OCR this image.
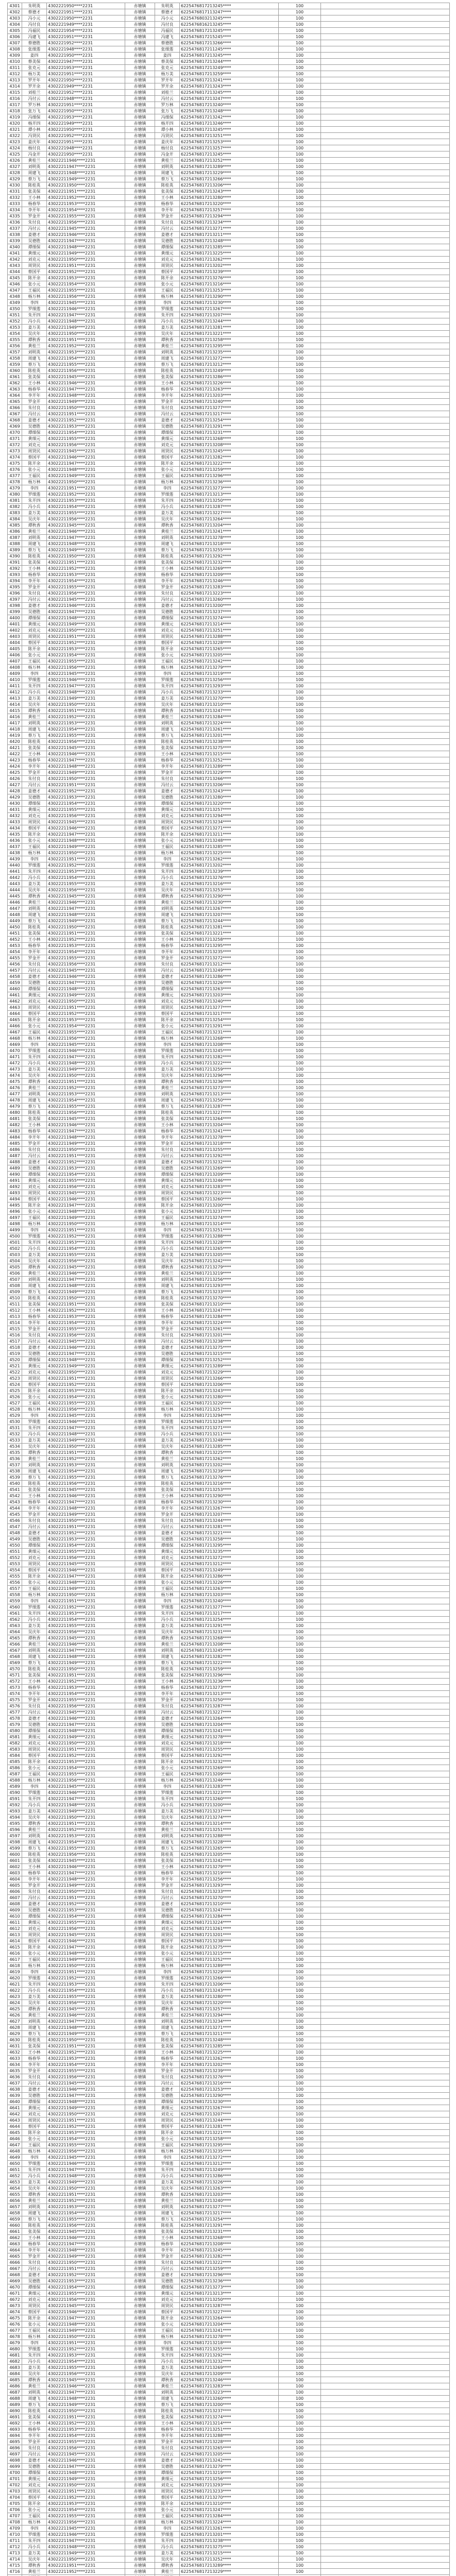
4301	朱明英	4302221950****2231	赤塘镇	朱明英	6225476817213245****	100	
4302	蔡德才	4302221951****2231	赤塘镇	蔡德才	6225476817113247****	100	
4303	冯小元	4302221950****2231	赤塘镇	冯小元	6225476803213245****	100	
4304	冯付良	4302221949****2231	赤塘镇	冯付良	6225476816213245****	100	
4305	冯福民	4302221954****2231	赤塘镇	冯福民	6225476817213245****	100	
4306	冯建飞	4302221951****2231	赤塘镇	冯建飞	6225476817215245****	100	
4307	蔡德胜	4302221952****2231	赤塘镇	蔡德胜	6225476817213266****	100	
4308	张细莲	4302221948****2231	赤塘镇	张细莲	6225476817211245****	100	
4309	姜四	4302221950****2231	赤塘镇	姜四	6225476817213245****	100	
4310	蔡美保	4302221947****2231	赤塘镇	蔡美保	6225476817213244****	100	
4311	张克元	4302221953****2231	赤塘镇	张克元	6225476817213249****	100	
4312	杨万美	4302221951****2231	赤塘镇	杨万美	6225476817213259****	100	
4313	罗开年	4302221950****2231	赤塘镇	罗开年	6225476817213241****	100	
4314	罗开余	4302221949****2231	赤塘镇	罗开余	6225476817213243****	100	
4315	刘桂兰	4302221952****2231	赤塘镇	刘桂兰	6225476817213245****	100	
4316	冯付云	4302221948****2231	赤塘镇	冯付云	6225476817213247****	100	
4317	罗万林	4302221951****2231	赤塘镇	罗万林	6225476817213240****	100	
4318	张万飞	4302221950****2231	赤塘镇	张万飞	6225476817213248****	100	
4319	冯细保	4302221953****2231	赤塘镇	冯细保	6225476817213242****	100	
4320	杨开四	4302221949****2231	赤塘镇	杨开四	6225476817213246****	100	
4321	谭小林	4302221950****2231	赤塘镇	谭小林	6225476817213245****	100	
4322	冯贤民	4302221952****2231	赤塘镇	冯贤民	6225476817213251****	100	
4323	姜庆年	4302221951****2231	赤塘镇	姜庆年	6225476817213253****	100	
4324	杨付良	4302221948****2231	赤塘镇	杨付良	6225476817213257****	100	
4325	冯金开	4302221950****2231	赤塘镇	冯金开	6225476817213245****	100	
4326	黄桂兰	43022211946****2231	赤塘镇	黄桂兰	6225476817213252****	100	
4327	刘明英	43022211947****2231	赤塘镇	刘明英	6225476817213289****	100	
4328	周建飞	43022211948****2231	赤塘镇	周建飞	6225476817213229****	100	
4329	蔡万飞	43022211949****2231	赤塘镇	蔡万飞	6225476817213266****	100	
4330	陈桂英	43022211950****2231	赤塘镇	陈桂英	6225476817213206****	100	
4331	张美保	43022211951****2231	赤塘镇	张美保	6225476817213243****	100	
4332	王小林	43022211952****2231	赤塘镇	王小林	6225476817213280****	100	
4333	杨春华	43022211953****2231	赤塘镇	杨春华	6225476817213220****	100	
4334	李开年	43022211954****2231	赤塘镇	李开年	6225476817213257****	100	
4335	罗金开	43022211955****2231	赤塘镇	罗金开	6225476817213294****	100	
4336	朱付良	43022211956****2231	赤塘镇	朱付良	6225476817213234****	100	
4337	冯付云	43022211945****2231	赤塘镇	冯付云	6225476817213271****	100	
4338	姜德才	43022211946****2231	赤塘镇	姜德才	6225476817213211****	100	
4339	吴德胜	43022211947****2231	赤塘镇	吴德胜	6225476817213248****	100	
4340	谭细保	43022211948****2231	赤塘镇	谭细保	6225476817213285****	100	
4341	黄细元	43022211949****2231	赤塘镇	黄细元	6225476817213225****	100	
4342	刘克元	43022211950****2231	赤塘镇	刘克元	6225476817213262****	100	
4343	周贤民	43022211951****2231	赤塘镇	周贤民	6225476817213202****	100	
4344	蔡国平	43022211952****2231	赤塘镇	蔡国平	6225476817213239****	100	
4345	陈开余	43022211953****2231	赤塘镇	陈开余	6225476817213276****	100	
4346	张小元	43022211954****2231	赤塘镇	张小元	6225476817213216****	100	
4347	王福民	43022211955****2231	赤塘镇	王福民	6225476817213253****	100	
4348	杨万林	43022211956****2231	赤塘镇	杨万林	6225476817213290****	100	
4349	李四	43022211945****2231	赤塘镇	李四	6225476817213230****	100	
4350	罗细莲	43022211946****2231	赤塘镇	罗细莲	6225476817213267****	100	
4351	朱开四	43022211947****2231	赤塘镇	朱开四	6225476817213207****	100	
4352	冯小兵	43022211948****2231	赤塘镇	冯小兵	6225476817213244****	100	
4353	姜万美	43022211949****2231	赤塘镇	姜万美	6225476817213281****	100	
4354	吴庆年	43022211950****2231	赤塘镇	吴庆年	6225476817213221****	100	
4355	谭秋香	43022211951****2231	赤塘镇	谭秋香	6225476817213258****	100	
4356	黄桂兰	43022211952****2231	赤塘镇	黄桂兰	6225476817213295****	100	
4357	刘明英	43022211953****2231	赤塘镇	刘明英	6225476817213235****	100	
4358	周建飞	43022211954****2231	赤塘镇	周建飞	6225476817213272****	100	
4359	蔡万飞	43022211955****2231	赤塘镇	蔡万飞	6225476817213212****	100	
4360	陈桂英	43022211956****2231	赤塘镇	陈桂英	6225476817213249****	100	
4361	张美保	43022211945****2231	赤塘镇	张美保	6225476817213286****	100	
4362	王小林	43022211946****2231	赤塘镇	王小林	6225476817213226****	100	
4363	杨春华	43022211947****2231	赤塘镇	杨春华	6225476817213263****	100	
4364	李开年	43022211948****2231	赤塘镇	李开年	6225476817213203****	100	
4365	罗金开	43022211949****2231	赤塘镇	罗金开	6225476817213240****	100	
4366	朱付良	43022211950****2231	赤塘镇	朱付良	6225476817213277****	100	
4367	冯付云	43022211951****2231	赤塘镇	冯付云	6225476817213217****	100	
4368	姜德才	43022211952****2231	赤塘镇	姜德才	6225476817213254****	100	
4369	吴德胜	43022211953****2231	赤塘镇	吴德胜	6225476817213291****	100	
4370	谭细保	43022211954****2231	赤塘镇	谭细保	6225476817213231****	100	
4371	黄细元	43022211955****2231	赤塘镇	黄细元	6225476817213268****	100	
4372	刘克元	43022211956****2231	赤塘镇	刘克元	6225476817213208****	100	
4373	周贤民	43022211945****2231	赤塘镇	周贤民	6225476817213245****	100	
4374	蔡国平	43022211946****2231	赤塘镇	蔡国平	6225476817213282****	100	
4375	陈开余	43022211947****2231	赤塘镇	陈开余	6225476817213222****	100	
4376	张小元	43022211948****2231	赤塘镇	张小元	6225476817213259****	100	
4377	王福民	43022211949****2231	赤塘镇	王福民	6225476817213296****	100	
4378	杨万林	43022211950****2231	赤塘镇	杨万林	6225476817213236****	100	
4379	李四	43022211951****2231	赤塘镇	李四	6225476817213273****	100	
4380	罗细莲	43022211952****2231	赤塘镇	罗细莲	6225476817213213****	100	
4381	朱开四	43022211953****2231	赤塘镇	朱开四	6225476817213250****	100	
4382	冯小兵	43022211954****2231	赤塘镇	冯小兵	6225476817213287****	100	
4383	姜万美	43022211955****2231	赤塘镇	姜万美	6225476817213227****	100	
4384	吴庆年	43022211956****2231	赤塘镇	吴庆年	6225476817213264****	100	
4385	谭秋香	43022211945****2231	赤塘镇	谭秋香	6225476817213204****	100	
4386	黄桂兰	43022211946****2231	赤塘镇	黄桂兰	6225476817213241****	100	
4387	刘明英	43022211947****2231	赤塘镇	刘明英	6225476817213278****	100	
4388	周建飞	43022211948****2231	赤塘镇	周建飞	6225476817213218****	100	
4389	蔡万飞	43022211949****2231	赤塘镇	蔡万飞	6225476817213255****	100	
4390	陈桂英	43022211950****2231	赤塘镇	陈桂英	6225476817213292****	100	
4391	张美保	43022211951****2231	赤塘镇	张美保	6225476817213232****	100	
4392	王小林	43022211952****2231	赤塘镇	王小林	6225476817213269****	100	
4393	杨春华	43022211953****2231	赤塘镇	杨春华	6225476817213209****	100	
4394	李开年	43022211954****2231	赤塘镇	李开年	6225476817213246****	100	
4395	罗金开	43022211955****2231	赤塘镇	罗金开	6225476817213283****	100	
4396	朱付良	43022211956****2231	赤塘镇	朱付良	6225476817213223****	100	
4397	冯付云	43022211945****2231	赤塘镇	冯付云	6225476817213260****	100	
4398	姜德才	43022211946****2231	赤塘镇	姜德才	6225476817213200****	100	
4399	吴德胜	43022211947****2231	赤塘镇	吴德胜	6225476817213237****	100	
4400	谭细保	43022211948****2231	赤塘镇	谭细保	6225476817213274****	100	
4401	黄细元	43022211949****2231	赤塘镇	黄细元	6225476817213214****	100	
4402	刘克元	43022211950****2231	赤塘镇	刘克元	6225476817213251****	100	
4403	周贤民	43022211951****2231	赤塘镇	周贤民	6225476817213288****	100	
4404	蔡国平	43022211952****2231	赤塘镇	蔡国平	6225476817213228****	100	
4405	陈开余	43022211953****2231	赤塘镇	陈开余	6225476817213265****	100	
4406	张小元	43022211954****2231	赤塘镇	张小元	6225476817213205****	100	
4407	王福民	43022211955****2231	赤塘镇	王福民	6225476817213242****	100	
4408	杨万林	43022211956****2231	赤塘镇	杨万林	6225476817213279****	100	
4409	李四	43022211945****2231	赤塘镇	李四	6225476817213219****	100	
4410	罗细莲	43022211946****2231	赤塘镇	罗细莲	6225476817213256****	100	
4411	朱开四	43022211947****2231	赤塘镇	朱开四	6225476817213293****	100	
4412	冯小兵	43022211948****2231	赤塘镇	冯小兵	6225476817213233****	100	
4413	姜万美	43022211949****2231	赤塘镇	姜万美	6225476817213270****	100	
4414	吴庆年	43022211950****2231	赤塘镇	吴庆年	6225476817213210****	100	
4415	谭秋香	43022211951****2231	赤塘镇	谭秋香	6225476817213247****	100	
4416	黄桂兰	43022211952****2231	赤塘镇	黄桂兰	6225476817213284****	100	
4417	刘明英	43022211953****2231	赤塘镇	刘明英	6225476817213224****	100	
4418	周建飞	43022211954****2231	赤塘镇	周建飞	6225476817213261****	100	
4419	蔡万飞	43022211955****2231	赤塘镇	蔡万飞	6225476817213201****	100	
4420	陈桂英	43022211956****2231	赤塘镇	陈桂英	6225476817213238****	100	
4421	张美保	43022211945****2231	赤塘镇	张美保	6225476817213275****	100	
4422	王小林	43022211946****2231	赤塘镇	王小林	6225476817213215****	100	
4423	杨春华	43022211947****2231	赤塘镇	杨春华	6225476817213252****	100	
4424	李开年	43022211948****2231	赤塘镇	李开年	6225476817213289****	100	
4425	罗金开	43022211949****2231	赤塘镇	罗金开	6225476817213229****	100	
4426	朱付良	43022211950****2231	赤塘镇	朱付良	6225476817213266****	100	
4427	冯付云	43022211951****2231	赤塘镇	冯付云	6225476817213206****	100	
4428	姜德才	43022211952****2231	赤塘镇	姜德才	6225476817213243****	100	
4429	吴德胜	43022211953****2231	赤塘镇	吴德胜	6225476817213280****	100	
4430	谭细保	43022211954****2231	赤塘镇	谭细保	6225476817213220****	100	
4431	黄细元	43022211955****2231	赤塘镇	黄细元	6225476817213257****	100	
4432	刘克元	43022211956****2231	赤塘镇	刘克元	6225476817213294****	100	
4433	周贤民	43022211945****2231	赤塘镇	周贤民	6225476817213234****	100	
4434	蔡国平	43022211946****2231	赤塘镇	蔡国平	6225476817213271****	100	
4435	陈开余	43022211947****2231	赤塘镇	陈开余	6225476817213211****	100	
4436	张小元	43022211948****2231	赤塘镇	张小元	6225476817213248****	100	
4437	王福民	43022211949****2231	赤塘镇	王福民	6225476817213285****	100	
4438	杨万林	43022211950****2231	赤塘镇	杨万林	6225476817213225****	100	
4439	李四	43022211951****2231	赤塘镇	李四	6225476817213262****	100	
4440	罗细莲	43022211952****2231	赤塘镇	罗细莲	6225476817213202****	100	
4441	朱开四	43022211953****2231	赤塘镇	朱开四	6225476817213239****	100	
4442	冯小兵	43022211954****2231	赤塘镇	冯小兵	6225476817213276****	100	
4443	姜万美	43022211955****2231	赤塘镇	姜万美	6225476817213216****	100	
4444	吴庆年	43022211956****2231	赤塘镇	吴庆年	6225476817213253****	100	
4445	谭秋香	43022211945****2231	赤塘镇	谭秋香	6225476817213290****	100	
4446	黄桂兰	43022211946****2231	赤塘镇	黄桂兰	6225476817213230****	100	
4447	刘明英	43022211947****2231	赤塘镇	刘明英	6225476817213267****	100	
4448	周建飞	43022211948****2231	赤塘镇	周建飞	6225476817213207****	100	
4449	蔡万飞	43022211949****2231	赤塘镇	蔡万飞	6225476817213244****	100	
4450	陈桂英	43022211950****2231	赤塘镇	陈桂英	6225476817213281****	100	
4451	张美保	43022211951****2231	赤塘镇	张美保	6225476817213221****	100	
4452	王小林	43022211952****2231	赤塘镇	王小林	6225476817213258****	100	
4453	杨春华	43022211953****2231	赤塘镇	杨春华	6225476817213295****	100	
4454	李开年	43022211954****2231	赤塘镇	李开年	6225476817213235****	100	
4455	罗金开	43022211955****2231	赤塘镇	罗金开	6225476817213272****	100	
4456	朱付良	43022211956****2231	赤塘镇	朱付良	6225476817213212****	100	
4457	冯付云	43022211945****2231	赤塘镇	冯付云	6225476817213249****	100	
4458	姜德才	43022211946****2231	赤塘镇	姜德才	6225476817213286****	100	
4459	吴德胜	43022211947****2231	赤塘镇	吴德胜	6225476817213226****	100	
4460	谭细保	43022211948****2231	赤塘镇	谭细保	6225476817213263****	100	
4461	黄细元	43022211949****2231	赤塘镇	黄细元	6225476817213203****	100	
4462	刘克元	43022211950****2231	赤塘镇	刘克元	6225476817213240****	100	
4463	周贤民	43022211951****2231	赤塘镇	周贤民	6225476817213277****	100	
4464	蔡国平	43022211952****2231	赤塘镇	蔡国平	6225476817213217****	100	
4465	陈开余	43022211953****2231	赤塘镇	陈开余	6225476817213254****	100	
4466	张小元	43022211954****2231	赤塘镇	张小元	6225476817213291****	100	
4467	王福民	43022211955****2231	赤塘镇	王福民	6225476817213231****	100	
4468	杨万林	43022211956****2231	赤塘镇	杨万林	6225476817213268****	100	
4469	李四	43022211945****2231	赤塘镇	李四	6225476817213208****	100	
4470	罗细莲	43022211946****2231	赤塘镇	罗细莲	6225476817213245****	100	
4471	朱开四	43022211947****2231	赤塘镇	朱开四	6225476817213282****	100	
4472	冯小兵	43022211948****2231	赤塘镇	冯小兵	6225476817213222****	100	
4473	姜万美	43022211949****2231	赤塘镇	姜万美	6225476817213259****	100	
4474	吴庆年	43022211950****2231	赤塘镇	吴庆年	6225476817213296****	100	
4475	谭秋香	43022211951****2231	赤塘镇	谭秋香	6225476817213236****	100	
4476	黄桂兰	43022211952****2231	赤塘镇	黄桂兰	6225476817213273****	100	
4477	刘明英	43022211953****2231	赤塘镇	刘明英	6225476817213213****	100	
4478	周建飞	43022211954****2231	赤塘镇	周建飞	6225476817213250****	100	
4479	蔡万飞	43022211955****2231	赤塘镇	蔡万飞	6225476817213287****	100	
4480	陈桂英	43022211956****2231	赤塘镇	陈桂英	6225476817213227****	100	
4481	张美保	43022211945****2231	赤塘镇	张美保	6225476817213264****	100	
4482	王小林	43022211946****2231	赤塘镇	王小林	6225476817213204****	100	
4483	杨春华	43022211947****2231	赤塘镇	杨春华	6225476817213241****	100	
4484	李开年	43022211948****2231	赤塘镇	李开年	6225476817213278****	100	
4485	罗金开	43022211949****2231	赤塘镇	罗金开	6225476817213218****	100	
4486	朱付良	43022211950****2231	赤塘镇	朱付良	6225476817213255****	100	
4487	冯付云	43022211951****2231	赤塘镇	冯付云	6225476817213292****	100	
4488	姜德才	43022211952****2231	赤塘镇	姜德才	6225476817213232****	100	
4489	吴德胜	43022211953****2231	赤塘镇	吴德胜	6225476817213269****	100	
4490	谭细保	43022211954****2231	赤塘镇	谭细保	6225476817213209****	100	
4491	黄细元	43022211955****2231	赤塘镇	黄细元	6225476817213246****	100	
4492	刘克元	43022211956****2231	赤塘镇	刘克元	6225476817213283****	100	
4493	周贤民	43022211945****2231	赤塘镇	周贤民	6225476817213223****	100	
4494	蔡国平	43022211946****2231	赤塘镇	蔡国平	6225476817213260****	100	
4495	陈开余	43022211947****2231	赤塘镇	陈开余	6225476817213200****	100	
4496	张小元	43022211948****2231	赤塘镇	张小元	6225476817213237****	100	
4497	王福民	43022211949****2231	赤塘镇	王福民	6225476817213274****	100	
4498	杨万林	43022211950****2231	赤塘镇	杨万林	6225476817213214****	100	
4499	李四	43022211951****2231	赤塘镇	李四	6225476817213251****	100	
4500	罗细莲	43022211952****2231	赤塘镇	罗细莲	6225476817213288****	100	
4501	朱开四	43022211953****2231	赤塘镇	朱开四	6225476817213228****	100	
4502	冯小兵	43022211954****2231	赤塘镇	冯小兵	6225476817213265****	100	
4503	姜万美	43022211955****2231	赤塘镇	姜万美	6225476817213205****	100	
4504	吴庆年	43022211956****2231	赤塘镇	吴庆年	6225476817213242****	100	
4505	谭秋香	43022211945****2231	赤塘镇	谭秋香	6225476817213279****	100	
4506	黄桂兰	43022211946****2231	赤塘镇	黄桂兰	6225476817213219****	100	
4507	刘明英	43022211947****2231	赤塘镇	刘明英	6225476817213256****	100	
4508	周建飞	43022211948****2231	赤塘镇	周建飞	6225476817213293****	100	
4509	蔡万飞	43022211949****2231	赤塘镇	蔡万飞	6225476817213233****	100	
4510	陈桂英	43022211950****2231	赤塘镇	陈桂英	6225476817213270****	100	
4511	张美保	43022211951****2231	赤塘镇	张美保	6225476817213210****	100	
4512	王小林	43022211952****2231	赤塘镇	王小林	6225476817213247****	100	
4513	杨春华	43022211953****2231	赤塘镇	杨春华	6225476817213284****	100	
4514	李开年	43022211954****2231	赤塘镇	李开年	6225476817213224****	100	
4515	罗金开	43022211955****2231	赤塘镇	罗金开	6225476817213261****	100	
4516	朱付良	43022211956****2231	赤塘镇	朱付良	6225476817213201****	100	
4517	冯付云	43022211945****2231	赤塘镇	冯付云	6225476817213238****	100	
4518	姜德才	43022211946****2231	赤塘镇	姜德才	6225476817213275****	100	
4519	吴德胜	43022211947****2231	赤塘镇	吴德胜	6225476817213215****	100	
4520	谭细保	43022211948****2231	赤塘镇	谭细保	6225476817213252****	100	
4521	黄细元	43022211949****2231	赤塘镇	黄细元	6225476817213289****	100	
4522	刘克元	43022211950****2231	赤塘镇	刘克元	6225476817213229****	100	
4523	周贤民	43022211951****2231	赤塘镇	周贤民	6225476817213266****	100	
4524	蔡国平	43022211952****2231	赤塘镇	蔡国平	6225476817213206****	100	
4525	陈开余	43022211953****2231	赤塘镇	陈开余	6225476817213243****	100	
4526	张小元	43022211954****2231	赤塘镇	张小元	6225476817213280****	100	
4527	王福民	43022211955****2231	赤塘镇	王福民	6225476817213220****	100	
4528	杨万林	43022211956****2231	赤塘镇	杨万林	6225476817213257****	100	
4529	李四	43022211945****2231	赤塘镇	李四	6225476817213294****	100	
4530	罗细莲	43022211946****2231	赤塘镇	罗细莲	6225476817213234****	100	
4531	朱开四	43022211947****2231	赤塘镇	朱开四	6225476817213271****	100	
4532	冯小兵	43022211948****2231	赤塘镇	冯小兵	6225476817213211****	100	
4533	姜万美	43022211949****2231	赤塘镇	姜万美	6225476817213248****	100	
4534	吴庆年	43022211950****2231	赤塘镇	吴庆年	6225476817213285****	100	
4535	谭秋香	43022211951****2231	赤塘镇	谭秋香	6225476817213225****	100	
4536	黄桂兰	43022211952****2231	赤塘镇	黄桂兰	6225476817213262****	100	
4537	刘明英	43022211953****2231	赤塘镇	刘明英	6225476817213202****	100	
4538	周建飞	43022211954****2231	赤塘镇	周建飞	6225476817213239****	100	
4539	蔡万飞	43022211955****2231	赤塘镇	蔡万飞	6225476817213276****	100	
4540	陈桂英	43022211956****2231	赤塘镇	陈桂英	6225476817213216****	100	
4541	张美保	43022211945****2231	赤塘镇	张美保	6225476817213253****	100	
4542	王小林	43022211946****2231	赤塘镇	王小林	6225476817213290****	100	
4543	杨春华	43022211947****2231	赤塘镇	杨春华	6225476817213230****	100	
4544	李开年	43022211948****2231	赤塘镇	李开年	6225476817213267****	100	
4545	罗金开	43022211949****2231	赤塘镇	罗金开	6225476817213207****	100	
4546	朱付良	43022211950****2231	赤塘镇	朱付良	6225476817213244****	100	
4547	冯付云	43022211951****2231	赤塘镇	冯付云	6225476817213281****	100	
4548	姜德才	43022211952****2231	赤塘镇	姜德才	6225476817213221****	100	
4549	吴德胜	43022211953****2231	赤塘镇	吴德胜	6225476817213258****	100	
4550	谭细保	43022211954****2231	赤塘镇	谭细保	6225476817213295****	100	
4551	黄细元	43022211955****2231	赤塘镇	黄细元	6225476817213235****	100	
4552	刘克元	43022211956****2231	赤塘镇	刘克元	6225476817213272****	100	
4553	周贤民	43022211945****2231	赤塘镇	周贤民	6225476817213212****	100	
4554	蔡国平	43022211946****2231	赤塘镇	蔡国平	6225476817213249****	100	
4555	陈开余	43022211947****2231	赤塘镇	陈开余	6225476817213286****	100	
4556	张小元	43022211948****2231	赤塘镇	张小元	6225476817213226****	100	
4557	王福民	43022211949****2231	赤塘镇	王福民	6225476817213263****	100	
4558	杨万林	43022211950****2231	赤塘镇	杨万林	6225476817213203****	100	
4559	李四	43022211951****2231	赤塘镇	李四	6225476817213240****	100	
4560	罗细莲	43022211952****2231	赤塘镇	罗细莲	6225476817213277****	100	
4561	朱开四	43022211953****2231	赤塘镇	朱开四	6225476817213217****	100	
4562	冯小兵	43022211954****2231	赤塘镇	冯小兵	6225476817213254****	100	
4563	姜万美	43022211955****2231	赤塘镇	姜万美	6225476817213291****	100	
4564	吴庆年	43022211956****2231	赤塘镇	吴庆年	6225476817213231****	100	
4565	谭秋香	43022211945****2231	赤塘镇	谭秋香	6225476817213268****	100	
4566	黄桂兰	43022211946****2231	赤塘镇	黄桂兰	6225476817213208****	100	
4567	刘明英	43022211947****2231	赤塘镇	刘明英	6225476817213245****	100	
4568	周建飞	43022211948****2231	赤塘镇	周建飞	6225476817213282****	100	
4569	蔡万飞	43022211949****2231	赤塘镇	蔡万飞	6225476817213222****	100	
4570	陈桂英	43022211950****2231	赤塘镇	陈桂英	6225476817213259****	100	
4571	张美保	43022211951****2231	赤塘镇	张美保	6225476817213296****	100	
4572	王小林	43022211952****2231	赤塘镇	王小林	6225476817213236****	100	
4573	杨春华	43022211953****2231	赤塘镇	杨春华	6225476817213273****	100	
4574	李开年	43022211954****2231	赤塘镇	李开年	6225476817213213****	100	
4575	罗金开	43022211955****2231	赤塘镇	罗金开	6225476817213250****	100	
4576	朱付良	43022211956****2231	赤塘镇	朱付良	6225476817213287****	100	
4577	冯付云	43022211945****2231	赤塘镇	冯付云	6225476817213227****	100	
4578	姜德才	43022211946****2231	赤塘镇	姜德才	6225476817213264****	100	
4579	吴德胜	43022211947****2231	赤塘镇	吴德胜	6225476817213204****	100	
4580	谭细保	43022211948****2231	赤塘镇	谭细保	6225476817213241****	100	
4581	黄细元	43022211949****2231	赤塘镇	黄细元	6225476817213278****	100	
4582	刘克元	43022211950****2231	赤塘镇	刘克元	6225476817213218****	100	
4583	周贤民	43022211951****2231	赤塘镇	周贤民	6225476817213255****	100	
4584	蔡国平	43022211952****2231	赤塘镇	蔡国平	6225476817213292****	100	
4585	陈开余	43022211953****2231	赤塘镇	陈开余	6225476817213232****	100	
4586	张小元	43022211954****2231	赤塘镇	张小元	6225476817213269****	100	
4587	王福民	43022211955****2231	赤塘镇	王福民	6225476817213209****	100	
4588	杨万林	43022211956****2231	赤塘镇	杨万林	6225476817213246****	100	
4589	李四	43022211945****2231	赤塘镇	李四	6225476817213283****	100	
4590	罗细莲	43022211946****2231	赤塘镇	罗细莲	6225476817213223****	100	
4591	朱开四	43022211947****2231	赤塘镇	朱开四	6225476817213260****	100	
4592	冯小兵	43022211948****2231	赤塘镇	冯小兵	6225476817213200****	100	
4593	姜万美	43022211949****2231	赤塘镇	姜万美	6225476817213237****	100	
4594	吴庆年	43022211950****2231	赤塘镇	吴庆年	6225476817213274****	100	
4595	谭秋香	43022211951****2231	赤塘镇	谭秋香	6225476817213214****	100	
4596	黄桂兰	43022211952****2231	赤塘镇	黄桂兰	6225476817213251****	100	
4597	刘明英	43022211953****2231	赤塘镇	刘明英	6225476817213288****	100	
4598	周建飞	43022211954****2231	赤塘镇	周建飞	6225476817213228****	100	
4599	蔡万飞	43022211955****2231	赤塘镇	蔡万飞	6225476817213265****	100	
4600	陈桂英	43022211956****2231	赤塘镇	陈桂英	6225476817213205****	100	
4601	张美保	43022211945****2231	赤塘镇	张美保	6225476817213242****	100	
4602	王小林	43022211946****2231	赤塘镇	王小林	6225476817213279****	100	
4603	杨春华	43022211947****2231	赤塘镇	杨春华	6225476817213219****	100	
4604	李开年	43022211948****2231	赤塘镇	李开年	6225476817213256****	100	
4605	罗金开	43022211949****2231	赤塘镇	罗金开	6225476817213293****	100	
4606	朱付良	43022211950****2231	赤塘镇	朱付良	6225476817213233****	100	
4607	冯付云	43022211951****2231	赤塘镇	冯付云	6225476817213270****	100	
4608	姜德才	43022211952****2231	赤塘镇	姜德才	6225476817213210****	100	
4609	吴德胜	43022211953****2231	赤塘镇	吴德胜	6225476817213247****	100	
4610	谭细保	43022211954****2231	赤塘镇	谭细保	6225476817213284****	100	
4611	黄细元	43022211955****2231	赤塘镇	黄细元	6225476817213224****	100	
4612	刘克元	43022211956****2231	赤塘镇	刘克元	6225476817213261****	100	
4613	周贤民	43022211945****2231	赤塘镇	周贤民	6225476817213201****	100	
4614	蔡国平	43022211946****2231	赤塘镇	蔡国平	6225476817213238****	100	
4615	陈开余	43022211947****2231	赤塘镇	陈开余	6225476817213275****	100	
4616	张小元	43022211948****2231	赤塘镇	张小元	6225476817213215****	100	
4617	王福民	43022211949****2231	赤塘镇	王福民	6225476817213252****	100	
4618	杨万林	43022211950****2231	赤塘镇	杨万林	6225476817213289****	100	
4619	李四	43022211951****2231	赤塘镇	李四	6225476817213229****	100	
4620	罗细莲	43022211952****2231	赤塘镇	罗细莲	6225476817213266****	100	
4621	朱开四	43022211953****2231	赤塘镇	朱开四	6225476817213206****	100	
4622	冯小兵	43022211954****2231	赤塘镇	冯小兵	6225476817213243****	100	
4623	姜万美	43022211955****2231	赤塘镇	姜万美	6225476817213280****	100	
4624	吴庆年	43022211956****2231	赤塘镇	吴庆年	6225476817213220****	100	
4625	谭秋香	43022211945****2231	赤塘镇	谭秋香	6225476817213257****	100	
4626	黄桂兰	43022211946****2231	赤塘镇	黄桂兰	6225476817213294****	100	
4627	刘明英	43022211947****2231	赤塘镇	刘明英	6225476817213234****	100	
4628	周建飞	43022211948****2231	赤塘镇	周建飞	6225476817213271****	100	
4629	蔡万飞	43022211949****2231	赤塘镇	蔡万飞	6225476817213211****	100	
4630	陈桂英	43022211950****2231	赤塘镇	陈桂英	6225476817213248****	100	
4631	张美保	43022211951****2231	赤塘镇	张美保	6225476817213285****	100	
4632	王小林	43022211952****2231	赤塘镇	王小林	6225476817213225****	100	
4633	杨春华	43022211953****2231	赤塘镇	杨春华	6225476817213262****	100	
4634	李开年	43022211954****2231	赤塘镇	李开年	6225476817213202****	100	
4635	罗金开	43022211955****2231	赤塘镇	罗金开	6225476817213239****	100	
4636	朱付良	43022211956****2231	赤塘镇	朱付良	6225476817213276****	100	
4637	冯付云	43022211945****2231	赤塘镇	冯付云	6225476817213216****	100	
4638	姜德才	43022211946****2231	赤塘镇	姜德才	6225476817213253****	100	
4639	吴德胜	43022211947****2231	赤塘镇	吴德胜	6225476817213290****	100	
4640	谭细保	43022211948****2231	赤塘镇	谭细保	6225476817213230****	100	
4641	黄细元	43022211949****2231	赤塘镇	黄细元	6225476817213267****	100	
4642	刘克元	43022211950****2231	赤塘镇	刘克元	6225476817213207****	100	
4643	周贤民	43022211951****2231	赤塘镇	周贤民	6225476817213244****	100	
4644	蔡国平	43022211952****2231	赤塘镇	蔡国平	6225476817213281****	100	
4645	陈开余	43022211953****2231	赤塘镇	陈开余	6225476817213221****	100	
4646	张小元	43022211954****2231	赤塘镇	张小元	6225476817213258****	100	
4647	王福民	43022211955****2231	赤塘镇	王福民	6225476817213295****	100	
4648	杨万林	43022211956****2231	赤塘镇	杨万林	6225476817213235****	100	
4649	李四	43022211945****2231	赤塘镇	李四	6225476817213272****	100	
4650	罗细莲	43022211946****2231	赤塘镇	罗细莲	6225476817213212****	100	
4651	朱开四	43022211947****2231	赤塘镇	朱开四	6225476817213249****	100	
4652	冯小兵	43022211948****2231	赤塘镇	冯小兵	6225476817213286****	100	
4653	姜万美	43022211949****2231	赤塘镇	姜万美	6225476817213226****	100	
4654	吴庆年	43022211950****2231	赤塘镇	吴庆年	6225476817213263****	100	
4655	谭秋香	43022211951****2231	赤塘镇	谭秋香	6225476817213203****	100	
4656	黄桂兰	43022211952****2231	赤塘镇	黄桂兰	6225476817213240****	100	
4657	刘明英	43022211953****2231	赤塘镇	刘明英	6225476817213277****	100	
4658	周建飞	43022211954****2231	赤塘镇	周建飞	6225476817213217****	100	
4659	蔡万飞	43022211955****2231	赤塘镇	蔡万飞	6225476817213254****	100	
4660	陈桂英	43022211956****2231	赤塘镇	陈桂英	6225476817213291****	100	
4661	张美保	43022211945****2231	赤塘镇	张美保	6225476817213231****	100	
4662	王小林	43022211946****2231	赤塘镇	王小林	6225476817213268****	100	
4663	杨春华	43022211947****2231	赤塘镇	杨春华	6225476817213208****	100	
4664	李开年	43022211948****2231	赤塘镇	李开年	6225476817213245****	100	
4665	罗金开	43022211949****2231	赤塘镇	罗金开	6225476817213282****	100	
4666	朱付良	43022211950****2231	赤塘镇	朱付良	6225476817213222****	100	
4667	冯付云	43022211951****2231	赤塘镇	冯付云	6225476817213259****	100	
4668	姜德才	43022211952****2231	赤塘镇	姜德才	6225476817213296****	100	
4669	吴德胜	43022211953****2231	赤塘镇	吴德胜	6225476817213236****	100	
4670	谭细保	43022211954****2231	赤塘镇	谭细保	6225476817213273****	100	
4671	黄细元	43022211955****2231	赤塘镇	黄细元	6225476817213213****	100	
4672	刘克元	43022211956****2231	赤塘镇	刘克元	6225476817213250****	100	
4673	周贤民	43022211945****2231	赤塘镇	周贤民	6225476817213287****	100	
4674	蔡国平	43022211946****2231	赤塘镇	蔡国平	6225476817213227****	100	
4675	陈开余	43022211947****2231	赤塘镇	陈开余	6225476817213264****	100	
4676	张小元	43022211948****2231	赤塘镇	张小元	6225476817213204****	100	
4677	王福民	43022211949****2231	赤塘镇	王福民	6225476817213241****	100	
4678	杨万林	43022211950****2231	赤塘镇	杨万林	6225476817213278****	100	
4679	李四	43022211951****2231	赤塘镇	李四	6225476817213218****	100	
4680	罗细莲	43022211952****2231	赤塘镇	罗细莲	6225476817213255****	100	
4681	朱开四	43022211953****2231	赤塘镇	朱开四	6225476817213292****	100	
4682	冯小兵	43022211954****2231	赤塘镇	冯小兵	6225476817213232****	100	
4683	姜万美	43022211955****2231	赤塘镇	姜万美	6225476817213269****	100	
4684	吴庆年	43022211956****2231	赤塘镇	吴庆年	6225476817213209****	100	
4685	谭秋香	43022211945****2231	赤塘镇	谭秋香	6225476817213246****	100	
4686	黄桂兰	43022211946****2231	赤塘镇	黄桂兰	6225476817213283****	100	
4687	刘明英	43022211947****2231	赤塘镇	刘明英	6225476817213223****	100	
4688	周建飞	43022211948****2231	赤塘镇	周建飞	6225476817213260****	100	
4689	蔡万飞	43022211949****2231	赤塘镇	蔡万飞	6225476817213200****	100	
4690	陈桂英	43022211950****2231	赤塘镇	陈桂英	6225476817213237****	100	
4691	张美保	43022211951****2231	赤塘镇	张美保	6225476817213274****	100	
4692	王小林	43022211952****2231	赤塘镇	王小林	6225476817213214****	100	
4693	杨春华	43022211953****2231	赤塘镇	杨春华	6225476817213251****	100	
4694	李开年	43022211954****2231	赤塘镇	李开年	6225476817213288****	100	
4695	罗金开	43022211955****2231	赤塘镇	罗金开	6225476817213228****	100	
4696	朱付良	43022211956****2231	赤塘镇	朱付良	6225476817213265****	100	
4697	冯付云	43022211945****2231	赤塘镇	冯付云	6225476817213205****	100	
4698	姜德才	43022211946****2231	赤塘镇	姜德才	6225476817213242****	100	
4699	吴德胜	43022211947****2231	赤塘镇	吴德胜	6225476817213279****	100	
4700	谭细保	43022211948****2231	赤塘镇	谭细保	6225476817213219****	100	
4701	黄细元	43022211949****2231	赤塘镇	黄细元	6225476817213256****	100	
4702	刘克元	43022211950****2231	赤塘镇	刘克元	6225476817213293****	100	
4703	周贤民	43022211951****2231	赤塘镇	周贤民	6225476817213233****	100	
4704	蔡国平	43022211952****2231	赤塘镇	蔡国平	6225476817213270****	100	
4705	陈开余	43022211953****2231	赤塘镇	陈开余	6225476817213210****	100	
4706	张小元	43022211954****2231	赤塘镇	张小元	6225476817213247****	100	
4707	王福民	43022211955****2231	赤塘镇	王福民	6225476817213284****	100	
4708	杨万林	43022211956****2231	赤塘镇	杨万林	6225476817213224****	100	
4709	李四	43022211945****2231	赤塘镇	李四	6225476817213261****	100	
4710	罗细莲	43022211946****2231	赤塘镇	罗细莲	6225476817213201****	100	
4711	朱开四	43022211947****2231	赤塘镇	朱开四	6225476817213238****	100	
4712	冯小兵	43022211948****2231	赤塘镇	冯小兵	6225476817213275****	100	
4713	姜万美	43022211949****2231	赤塘镇	姜万美	6225476817213215****	100	
4714	吴庆年	43022211950****2231	赤塘镇	吴庆年	6225476817213252****	100	
4715	谭秋香	43022211951****2231	赤塘镇	谭秋香	6225476817213289****	100	
4716	黄桂兰	43022211952****2231	赤塘镇	黄桂兰	6225476817213229****	100	
